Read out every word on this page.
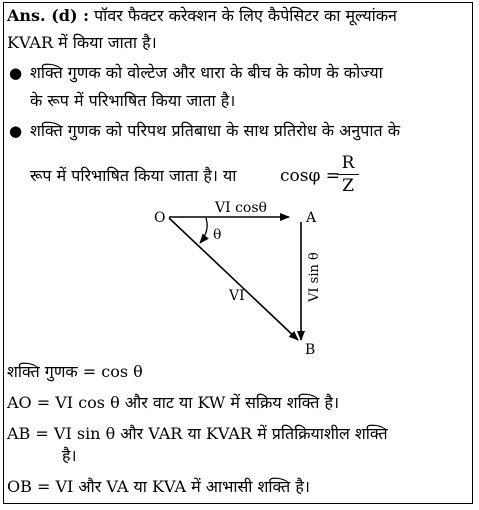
Ans. (d) : पॉवर फैक्टर करेक्शन के लिए कैपेसिटर का मूल्यांकन
KVAR में किया जाता है।
● शक्ति गुणक को वोल्टेज और धारा के बीच के कोण के कोज्या
के रूप में परिभाषित किया जाता है।
● शक्ति गुणक को परिपथ प्रतिबाधा के साथ प्रतिरोध के अनुपात के
रूप में परिभाषित किया जाता है। या	cosφ =
R
Z
O	A
B
VI cosθ
θ
VI	VI sin θ
शक्ति गुणक = cos θ
AO = VI cos θ और वाट या KW में सक्रिय शक्ति है।
AB = VI sin θ और VAR या KVAR में प्रतिक्रियाशील शक्ति
है।
OB = VI और VA या KVA में आभासी शक्ति है।
